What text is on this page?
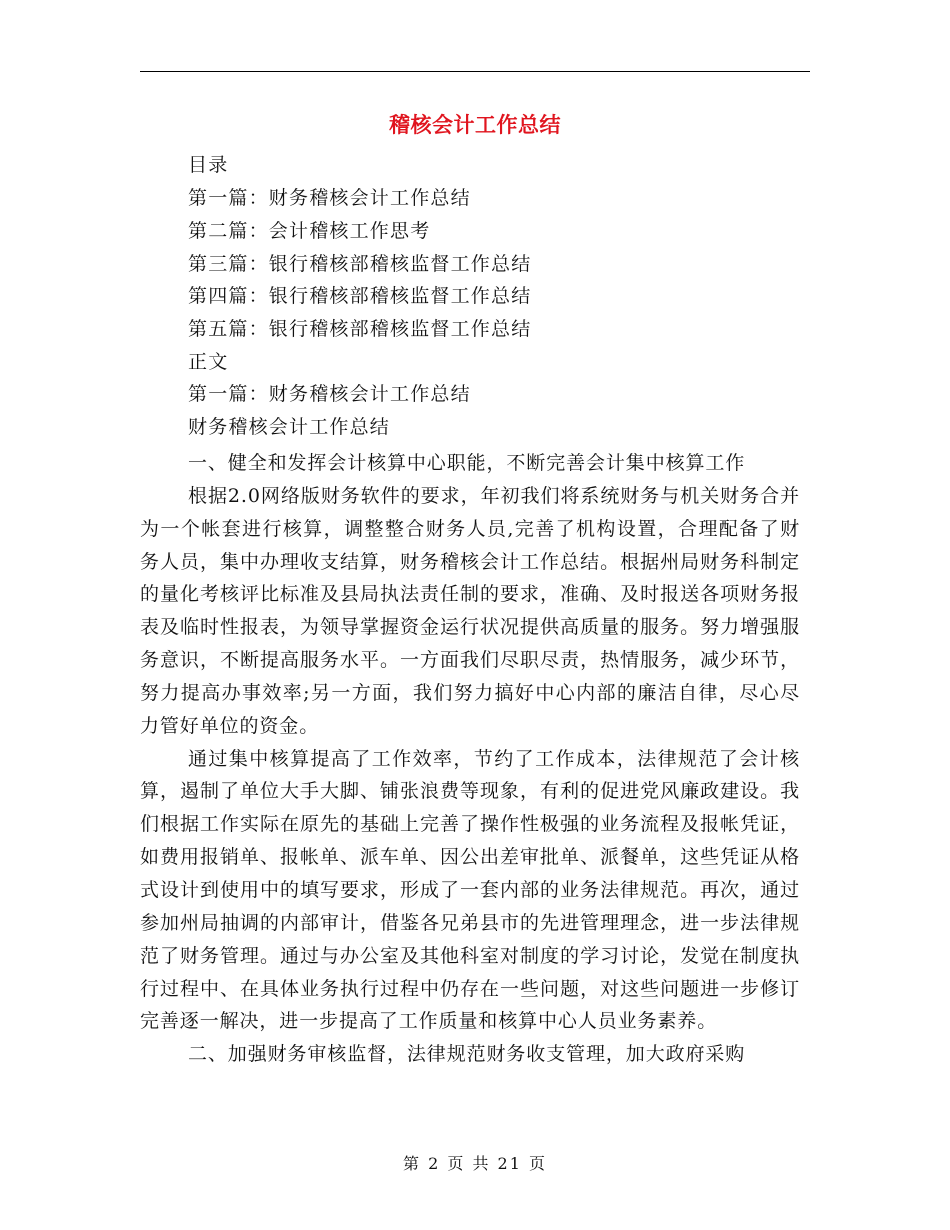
稽核会计工作总结
目录
第一篇：财务稽核会计工作总结
第二篇：会计稽核工作思考
第三篇：银行稽核部稽核监督工作总结
第四篇：银行稽核部稽核监督工作总结
第五篇：银行稽核部稽核监督工作总结
正文
第一篇：财务稽核会计工作总结
财务稽核会计工作总结

一、健全和发挥会计核算中心职能，不断完善会计集中核算工作

根据2.0网络版财务软件的要求，年初我们将系统财务与机关财务合并为一个帐套进行核算，调整整合财务人员,完善了机构设置，合理配备了财务人员，集中办理收支结算，财务稽核会计工作总结。根据州局财务科制定的量化考核评比标准及县局执法责任制的要求，准确、及时报送各项财务报表及临时性报表，为领导掌握资金运行状况提供高质量的服务。努力增强服务意识，不断提高服务水平。一方面我们尽职尽责，热情服务，减少环节，努力提高办事效率;另一方面，我们努力搞好中心内部的廉洁自律，尽心尽力管好单位的资金。

通过集中核算提高了工作效率，节约了工作成本，法律规范了会计核算，遏制了单位大手大脚、铺张浪费等现象，有利的促进党风廉政建设。我们根据工作实际在原先的基础上完善了操作性极强的业务流程及报帐凭证，如费用报销单、报帐单、派车单、因公出差审批单、派餐单，这些凭证从格式设计到使用中的填写要求，形成了一套内部的业务法律规范。再次，通过参加州局抽调的内部审计，借鉴各兄弟县市的先进管理理念，进一步法律规范了财务管理。通过与办公室及其他科室对制度的学习讨论，发觉在制度执行过程中、在具体业务执行过程中仍存在一些问题，对这些问题进一步修订完善逐一解决，进一步提高了工作质量和核算中心人员业务素养。

二、加强财务审核监督，法律规范财务收支管理，加大政府采购

第 2 页 共 21 页
